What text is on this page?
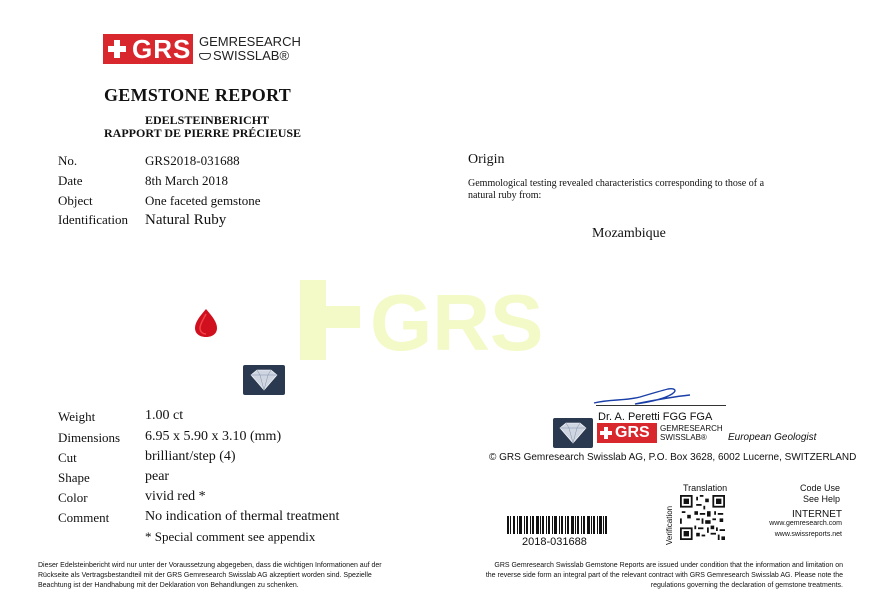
GRS GEMRESEARCH
SWISSLAB®
GEMSTONE REPORT
EDELSTEINBERICHT
RAPPORT DE PIERRE PRÉCIEUSE
No.	GRS2018-031688
Date	8th March 2018
Object	One faceted gemstone
Identification Natural Ruby
Origin
Gemmological testing revealed characteristics corresponding to those of a natural ruby from:
Mozambique
GRS
Weight	1.00 ct
Dimensions 6.95 x 5.90 x 3.10 (mm)
Cut	brilliant/step (4)
Shape	pear
Color	vivid red *
Comment	No indication of thermal treatment
* Special comment see appendix
Dr. A. Peretti FGG FGA
GRS GEMRESEARCH
SWISSLAB®	European Geologist
© GRS Gemresearch Swisslab AG, P.O. Box 3628, 6002 Lucerne, SWITZERLAND
2018-031688
Translation
Verification
Code Use
See Help
INTERNET
www.gemresearch.com
www.swissreports.net
Dieser Edelsteinbericht wird nur unter der Voraussetzung abgegeben, dass die wichtigen Informationen auf der Rückseite als Vertragsbestandteil mit der GRS Gemresearch Swisslab AG akzeptiert worden sind. Spezielle Beachtung ist der Handhabung mit der Deklaration von Behandlungen zu schenken.
GRS Gemresearch Swisslab Gemstone Reports are issued under condition that the information and limitation on the reverse side form an integral part of the relevant contract with GRS Gemresearch Swisslab AG. Please note the regulations governing the declaration of gemstone treatments.
